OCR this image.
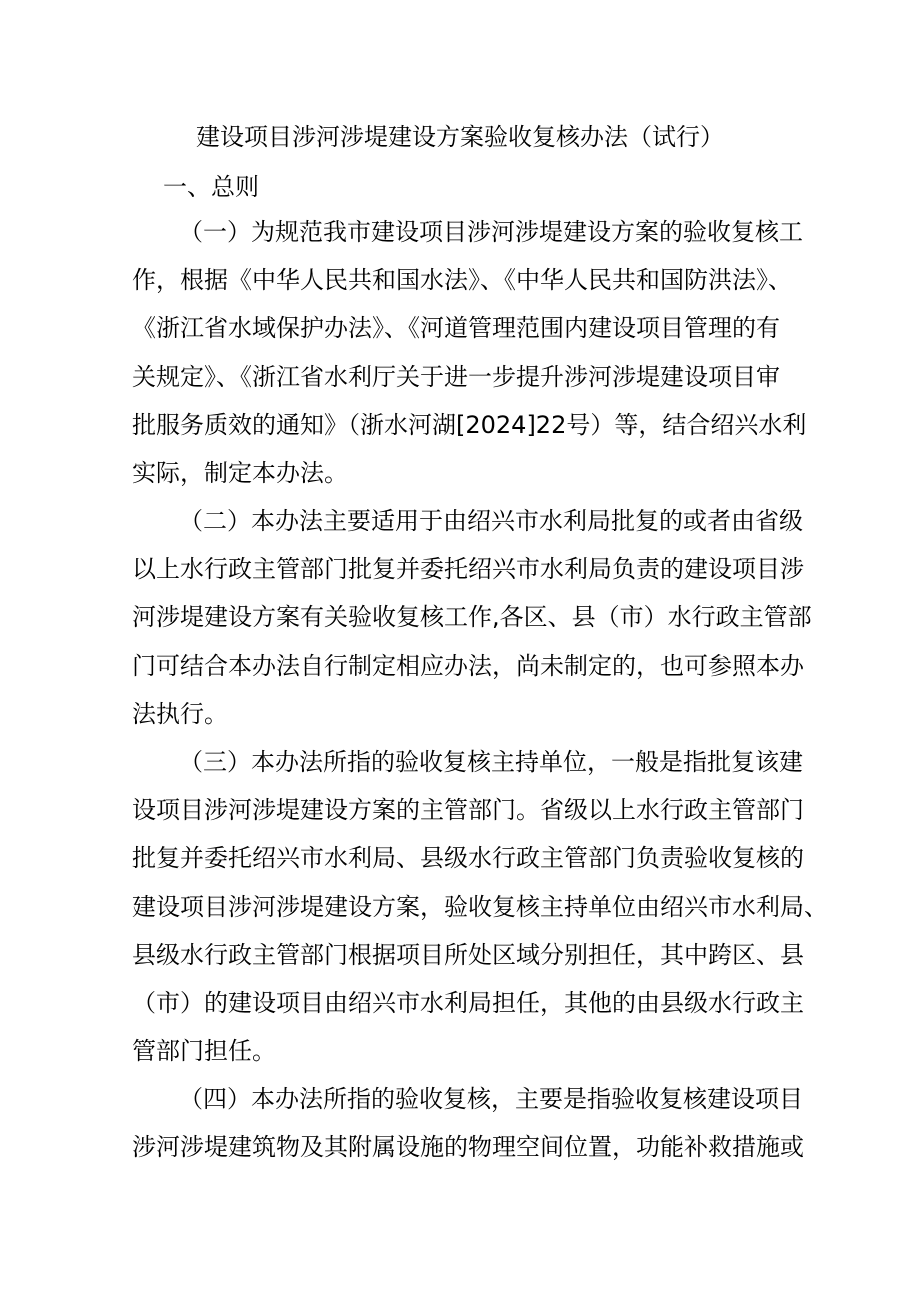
建设项目涉河涉堤建设方案验收复核办法（试行）
一、总则
（一）为规范我市建设项目涉河涉堤建设方案的验收复核工
作，根据《中华人民共和国水法》、《中华人民共和国防洪法》、
《浙江省水域保护办法》、《河道管理范围内建设项目管理的有
关规定》、《浙江省水利厅关于进一步提升涉河涉堤建设项目审
批服务质效的通知》（浙水河湖[2024]22号）等，结合绍兴水利
实际，制定本办法。
（二）本办法主要适用于由绍兴市水利局批复的或者由省级
以上水行政主管部门批复并委托绍兴市水利局负责的建设项目涉
河涉堤建设方案有关验收复核工作,各区、县（市）水行政主管部
门可结合本办法自行制定相应办法，尚未制定的，也可参照本办
法执行。
（三）本办法所指的验收复核主持单位，一般是指批复该建
设项目涉河涉堤建设方案的主管部门。省级以上水行政主管部门
批复并委托绍兴市水利局、县级水行政主管部门负责验收复核的
建设项目涉河涉堤建设方案，验收复核主持单位由绍兴市水利局、
县级水行政主管部门根据项目所处区域分别担任，其中跨区、县
（市）的建设项目由绍兴市水利局担任，其他的由县级水行政主
管部门担任。
（四）本办法所指的验收复核，主要是指验收复核建设项目
涉河涉堤建筑物及其附属设施的物理空间位置，功能补救措施或
